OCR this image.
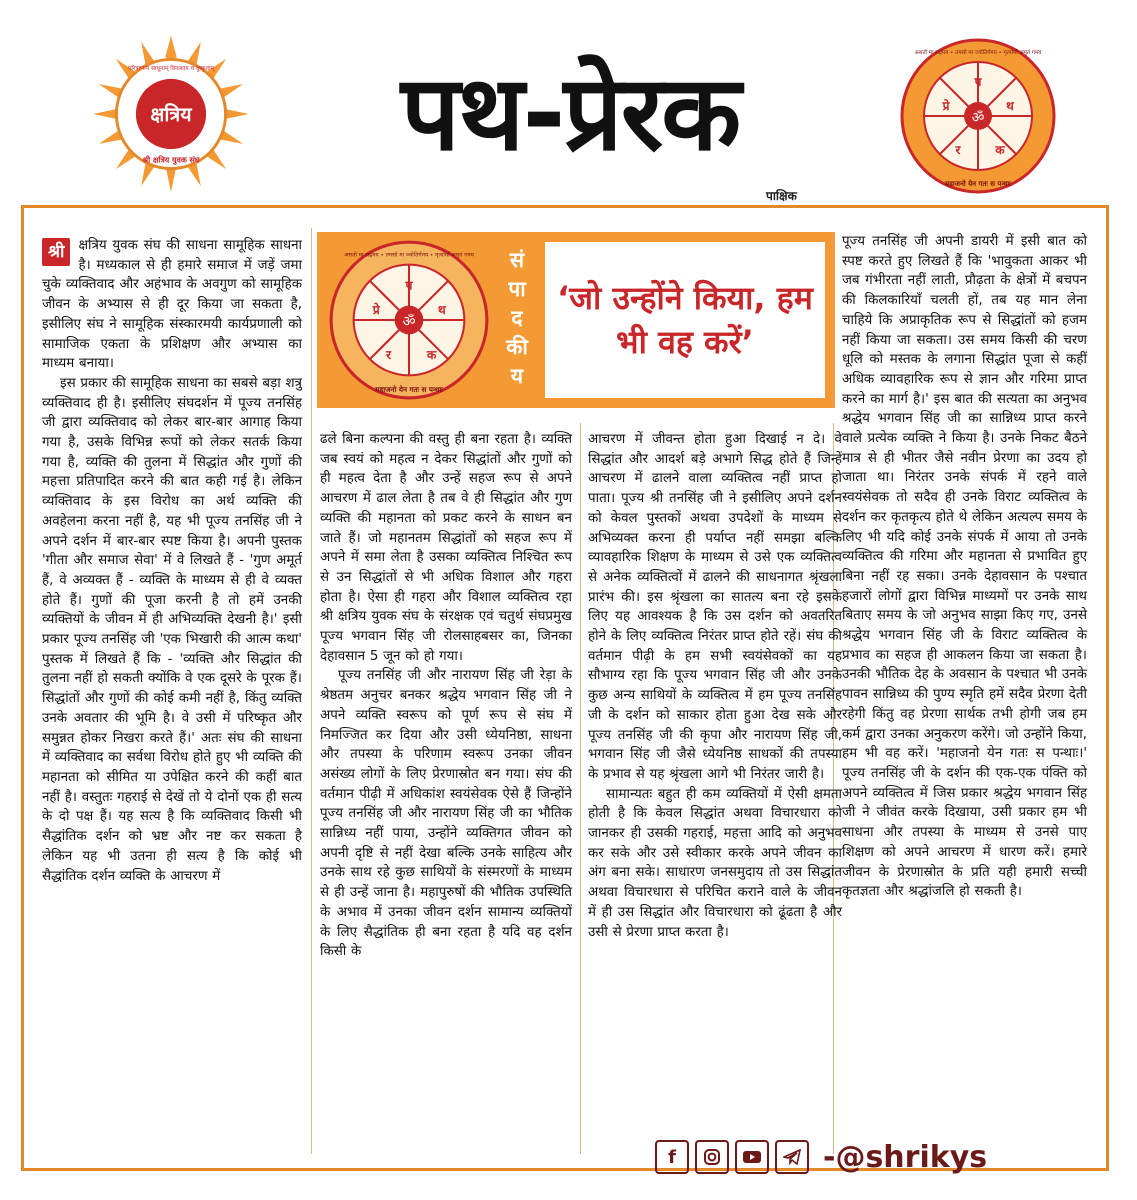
क्षत्रिय
परित्राणाय साधूनाम् विनाशाय च दुष्कृताम्
श्री क्षत्रिय युवक संघ	पथ-प्रेरक
पाक्षिक
ॐ
प
थ
प्रे
र	क
असतो मा सद्गमय • तमसो मा ज्योतिर्गमय • मृत्योर्मा अमृतं गमय
महाजनो येन गतः स पन्थाः
श्री	क्षत्रिय युवक संघ की साधना सामूहिक साधना है। मध्यकाल से ही हमारे समाज में जड़ें जमा चुके व्यक्तिवाद और अहंभाव के अवगुण को सामूहिक जीवन के अभ्यास से ही दूर किया जा सकता है, इसीलिए संघ ने सामूहिक संस्कारमयी कार्यप्रणाली को सामाजिक एकता के प्रशिक्षण और अभ्यास का माध्यम बनाया।

इस प्रकार की सामूहिक साधना का सबसे बड़ा शत्रु व्यक्तिवाद ही है। इसीलिए संघदर्शन में पूज्य तनसिंह जी द्वारा व्यक्तिवाद को लेकर बार-बार आगाह किया गया है, उसके विभिन्न रूपों को लेकर सतर्क किया गया है, व्यक्ति की तुलना में सिद्धांत और गुणों की महत्ता प्रतिपादित करने की बात कही गई है। लेकिन व्यक्तिवाद के इस विरोध का अर्थ व्यक्ति की अवहेलना करना नहीं है, यह भी पूज्य तनसिंह जी ने अपने दर्शन में बार-बार स्पष्ट किया है। अपनी पुस्तक 'गीता और समाज सेवा' में वे लिखते हैं - 'गुण अमूर्त हैं, वे अव्यक्त हैं - व्यक्ति के माध्यम से ही वे व्यक्त होते हैं। गुणों की पूजा करनी है तो हमें उनकी व्यक्तियों के जीवन में ही अभिव्यक्ति देखनी है।' इसी प्रकार पूज्य तनसिंह जी 'एक भिखारी की आत्म कथा' पुस्तक में लिखते हैं कि - 'व्यक्ति और सिद्धांत की तुलना नहीं हो सकती क्योंकि वे एक दूसरे के पूरक हैं। सिद्धांतों और गुणों की कोई कमी नहीं है, किंतु व्यक्ति उनके अवतार की भूमि है। वे उसी में परिष्कृत और समुन्नत होकर निखरा करते हैं।' अतः संघ की साधना में व्यक्तिवाद का सर्वथा विरोध होते हुए भी व्यक्ति की महानता को सीमित या उपेक्षित करने की कहीं बात नहीं है। वस्तुतः गहराई से देखें तो ये दोनों एक ही सत्य के दो पक्ष हैं। यह सत्य है कि व्यक्तिवाद किसी भी सैद्धांतिक दर्शन को भ्रष्ट और नष्ट कर सकता है लेकिन यह भी उतना ही सत्य है कि कोई भी सैद्धांतिक दर्शन व्यक्ति के आचरण में

ॐ
प
थ
प्रे
र	क
असतो मा सद्गमय • तमसो मा ज्योतिर्गमय • मृत्योर्मा अमृतं गमय
महाजनो येन गतः स पन्थाः
सं
पा
द
की
य
‘जो उन्होंने किया, हम भी वह करें’

ढले बिना कल्पना की वस्तु ही बना रहता है। व्यक्ति जब स्वयं को महत्व न देकर सिद्धांतों और गुणों को ही महत्व देता है और उन्हें सहज रूप से अपने आचरण में ढाल लेता है तब वे ही सिद्धांत और गुण व्यक्ति की महानता को प्रकट करने के साधन बन जाते हैं। जो महानतम सिद्धांतों को सहज रूप में अपने में समा लेता है उसका व्यक्तित्व निश्चित रूप से उन सिद्धांतों से भी अधिक विशाल और गहरा होता है। ऐसा ही गहरा और विशाल व्यक्तित्व रहा श्री क्षत्रिय युवक संघ के संरक्षक एवं चतुर्थ संघप्रमुख पूज्य भगवान सिंह जी रोलसाहबसर का, जिनका देहावसान 5 जून को हो गया।

पूज्य तनसिंह जी और नारायण सिंह जी रेड़ा के श्रेष्ठतम अनुचर बनकर श्रद्धेय भगवान सिंह जी ने अपने व्यक्ति स्वरूप को पूर्ण रूप से संघ में निमज्जित कर दिया और उसी ध्येयनिष्ठा, साधना और तपस्या के परिणाम स्वरूप उनका जीवन असंख्य लोगों के लिए प्रेरणास्रोत बन गया। संघ की वर्तमान पीढ़ी में अधिकांश स्वयंसेवक ऐसे हैं जिन्होंने पूज्य तनसिंह जी और नारायण सिंह जी का भौतिक सान्निध्य नहीं पाया, उन्होंने व्यक्तिगत जीवन को अपनी दृष्टि से नहीं देखा बल्कि उनके साहित्य और उनके साथ रहे कुछ साथियों के संस्मरणों के माध्यम से ही उन्हें जाना है। महापुरुषों की भौतिक उपस्थिति के अभाव में उनका जीवन दर्शन सामान्य व्यक्तियों के लिए सैद्धांतिक ही बना रहता है यदि वह दर्शन किसी के

आचरण में जीवन्त होता हुआ दिखाई न दे। वे सिद्धांत और आदर्श बड़े अभागे सिद्ध होते हैं जिन्हें आचरण में ढालने वाला व्यक्तित्व नहीं प्राप्त हो पाता। पूज्य श्री तनसिंह जी ने इसीलिए अपने दर्शन को केवल पुस्तकों अथवा उपदेशों के माध्यम से अभिव्यक्त करना ही पर्याप्त नहीं समझा बल्कि व्यावहारिक शिक्षण के माध्यम से उसे एक व्यक्तित्व से अनेक व्यक्तित्वों में ढालने की साधनागत श्रृंखला प्रारंभ की। इस श्रृंखला का सातत्य बना रहे इसके लिए यह आवश्यक है कि उस दर्शन को अवतरित होने के लिए व्यक्तित्व निरंतर प्राप्त होते रहें। संघ की वर्तमान पीढ़ी के हम सभी स्वयंसेवकों का यह सौभाग्य रहा कि पूज्य भगवान सिंह जी और उनके कुछ अन्य साथियों के व्यक्तित्व में हम पूज्य तनसिंह जी के दर्शन को साकार होता हुआ देख सके और पूज्य तनसिंह जी की कृपा और नारायण सिंह जी, भगवान सिंह जी जैसे ध्येयनिष्ठ साधकों की तपस्या के प्रभाव से यह श्रृंखला आगे भी निरंतर जारी है।

सामान्यतः बहुत ही कम व्यक्तियों में ऐसी क्षमता होती है कि केवल सिद्धांत अथवा विचारधारा को जानकर ही उसकी गहराई, महत्ता आदि को अनुभव कर सके और उसे स्वीकार करके अपने जीवन का अंग बना सके। साधारण जनसमुदाय तो उस सिद्धांत अथवा विचारधारा से परिचित कराने वाले के जीवन में ही उस सिद्धांत और विचारधारा को ढूंढता है और उसी से प्रेरणा प्राप्त करता है।

पूज्य तनसिंह जी अपनी डायरी में इसी बात को स्पष्ट करते हुए लिखते हैं कि 'भावुकता आकर भी जब गंभीरता नहीं लाती, प्रौढ़ता के क्षेत्रों में बचपन की किलकारियाँ चलती हों, तब यह मान लेना चाहिये कि अप्राकृतिक रूप से सिद्धांतों को हजम नहीं किया जा सकता। उस समय किसी की चरण धूलि को मस्तक के लगाना सिद्धांत पूजा से कहीं अधिक व्यावहारिक रूप से ज्ञान और गरिमा प्राप्त करने का मार्ग है।' इस बात की सत्यता का अनुभव श्रद्धेय भगवान सिंह जी का सान्निध्य प्राप्त करने वाले प्रत्येक व्यक्ति ने किया है। उनके निकट बैठने मात्र से ही भीतर जैसे नवीन प्रेरणा का उदय हो जाता था। निरंतर उनके संपर्क में रहने वाले स्वयंसेवक तो सदैव ही उनके विराट व्यक्तित्व के दर्शन कर कृतकृत्य होते थे लेकिन अत्यल्प समय के लिए भी यदि कोई उनके संपर्क में आया तो उनके व्यक्तित्व की गरिमा और महानता से प्रभावित हुए बिना नहीं रह सका। उनके देहावसान के पश्चात हजारों लोगों द्वारा विभिन्न माध्यमों पर उनके साथ बिताए समय के जो अनुभव साझा किए गए, उनसे श्रद्धेय भगवान सिंह जी के विराट व्यक्तित्व के प्रभाव का सहज ही आकलन किया जा सकता है। उनकी भौतिक देह के अवसान के पश्चात भी उनके पावन सान्निध्य की पुण्य स्मृति हमें सदैव प्रेरणा देती रहेगी किंतु वह प्रेरणा सार्थक तभी होगी जब हम कर्म द्वारा उनका अनुकरण करेंगे। जो उन्होंने किया, हम भी वह करें। 'महाजनो येन गतः स पन्थाः।' पूज्य तनसिंह जी के दर्शन की एक-एक पंक्ति को अपने व्यक्तित्व में जिस प्रकार श्रद्धेय भगवान सिंह जी ने जीवंत करके दिखाया, उसी प्रकार हम भी साधना और तपस्या के माध्यम से उनसे पाए शिक्षण को अपने आचरण में धारण करें। हमारे जीवन के प्रेरणास्रोत के प्रति यही हमारी सच्ची कृतज्ञता और श्रद्धांजलि हो सकती है।

f	-@shrikys
